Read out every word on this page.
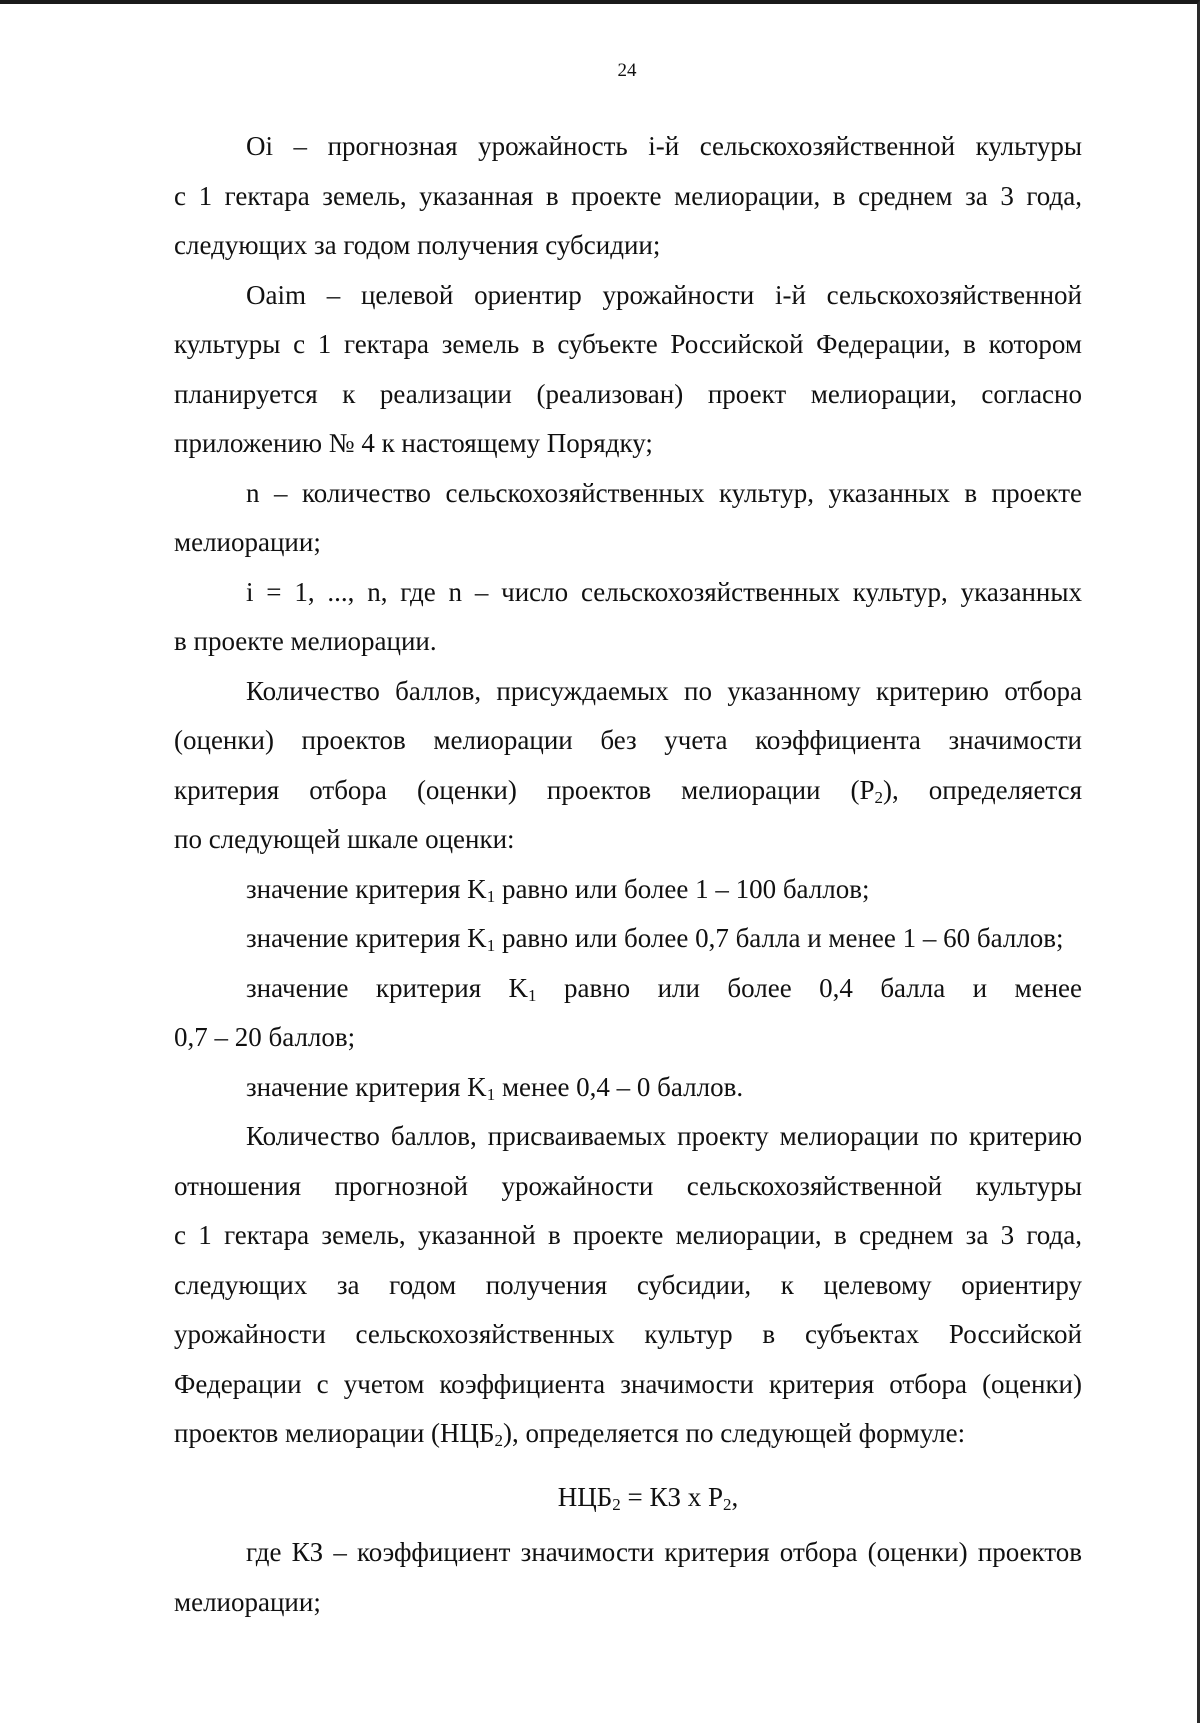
24
Oi – прогнозная урожайность i-й сельскохозяйственной культуры
с 1 гектара земель, указанная в проекте мелиорации, в среднем за 3 года,
следующих за годом получения субсидии;
Oaim – целевой ориентир урожайности i-й сельскохозяйственной
культуры с 1 гектара земель в субъекте Российской Федерации, в котором
планируется к реализации (реализован) проект мелиорации, согласно
приложению № 4 к настоящему Порядку;
n – количество сельскохозяйственных культур, указанных в проекте
мелиорации;
i = 1, ..., n, где n – число сельскохозяйственных культур, указанных
в проекте мелиорации.
Количество баллов, присуждаемых по указанному критерию отбора
(оценки) проектов мелиорации без учета коэффициента значимости
критерия отбора (оценки) проектов мелиорации $(P_2)$, определяется
по следующей шкале оценки:
значение критерия $K_1$ равно или более 1 – 100 баллов;
значение критерия $K_1$ равно или более 0,7 балла и менее 1 – 60 баллов;
значение критерия $K_1$ равно или более 0,4 балла и менее
0,7 – 20 баллов;
значение критерия $K_1$ менее 0,4 – 0 баллов.
Количество баллов, присваиваемых проекту мелиорации по критерию
отношения прогнозной урожайности сельскохозяйственной культуры
с 1 гектара земель, указанной в проекте мелиорации, в среднем за 3 года,
следующих за годом получения субсидии, к целевому ориентиру
урожайности сельскохозяйственных культур в субъектах Российской
Федерации с учетом коэффициента значимости критерия отбора (оценки)
проектов мелиорации $(НЦБ_2)$, определяется по следующей формуле:
$НЦБ_2$ = КЗ х $P_2$,
где КЗ – коэффициент значимости критерия отбора (оценки) проектов
мелиорации;
